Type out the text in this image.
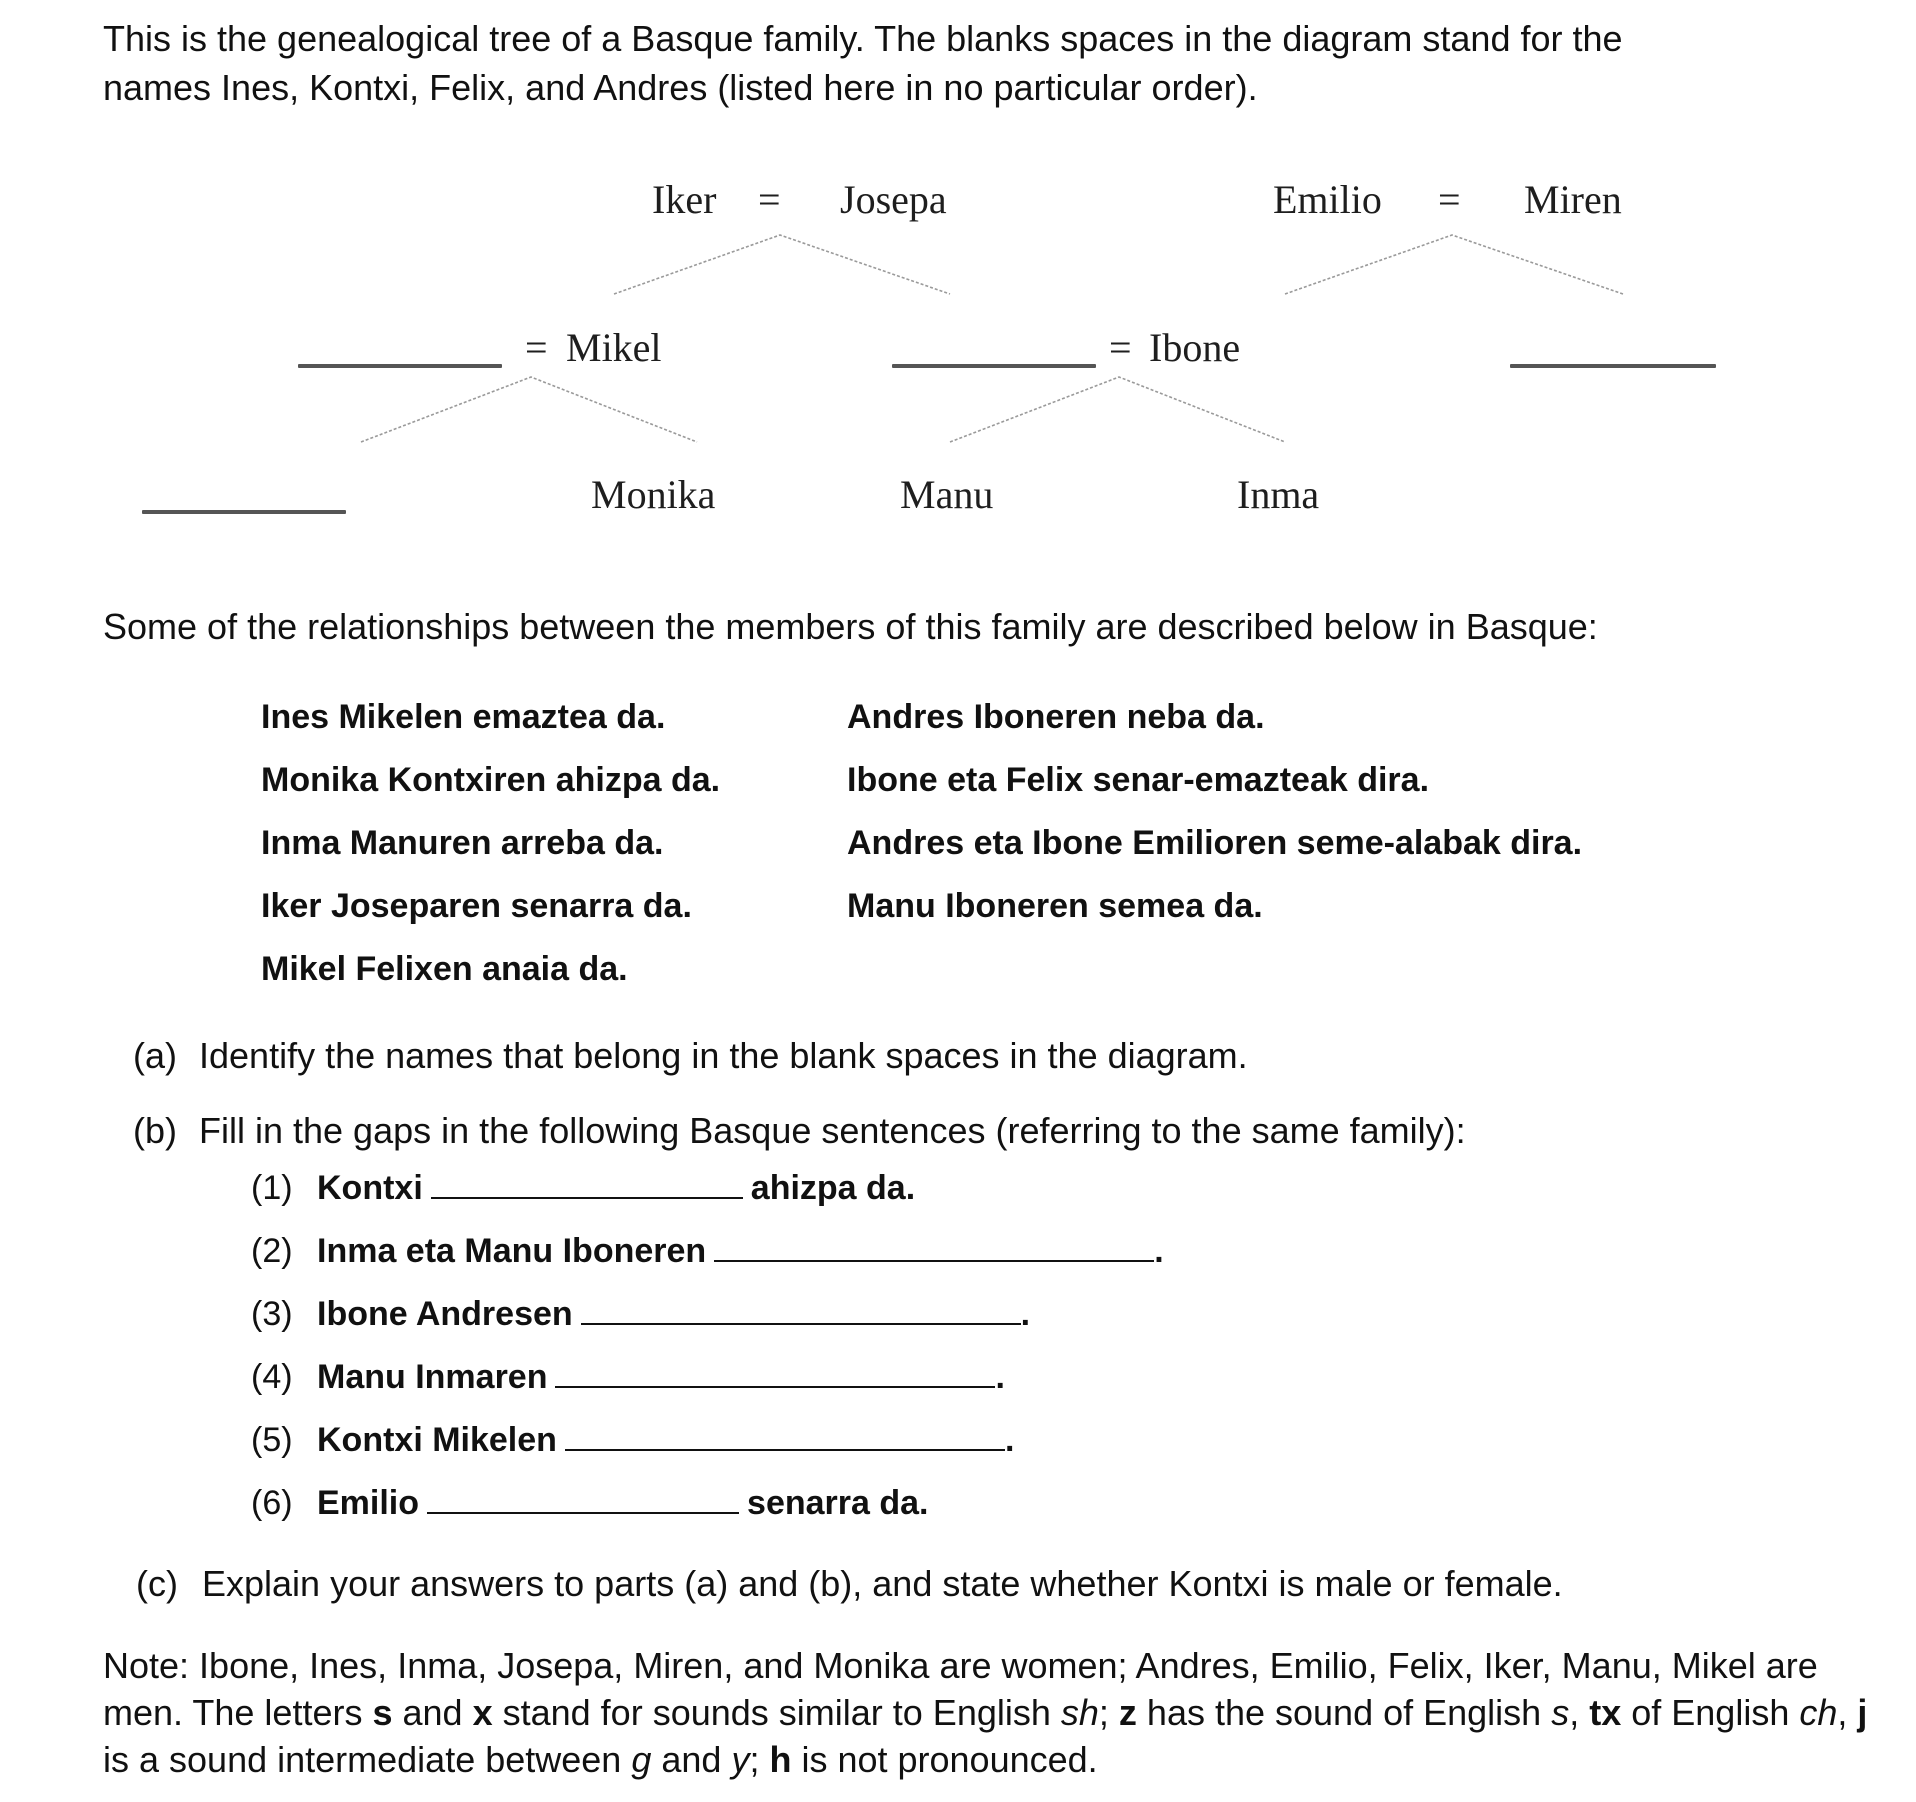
This is the genealogical tree of a Basque family. The blanks spaces in the diagram stand for the
names Ines, Kontxi, Felix, and Andres (listed here in no particular order).
Iker = Josepa	Emilio = Miren
= Mikel	= Ibone
Monika	Manu	Inma
Some of the relationships between the members of this family are described below in Basque:
Ines Mikelen emaztea da.
Monika Kontxiren ahizpa da.
Inma Manuren arreba da.
Iker Joseparen senarra da.
Mikel Felixen anaia da.
Andres Iboneren neba da.
Ibone eta Felix senar-emazteak dira.
Andres eta Ibone Emilioren seme-alabak dira.
Manu Iboneren semea da.
(a) Identify the names that belong in the blank spaces in the diagram.
(b) Fill in the gaps in the following Basque sentences (referring to the same family):
(1) Kontxi	ahizpa da.
(2) Inma eta Manu Iboneren	.
(3) Ibone Andresen	.
(4) Manu Inmaren	.
(5) Kontxi Mikelen	.
(6) Emilio	senarra da.
(c) Explain your answers to parts (a) and (b), and state whether Kontxi is male or female.
Note: Ibone, Ines, Inma, Josepa, Miren, and Monika are women; Andres, Emilio, Felix, Iker, Manu, Mikel are men. The letters s and x stand for sounds similar to English sh; z has the sound of English s, tx of English ch, j is a sound intermediate between g and y; h is not pronounced.
